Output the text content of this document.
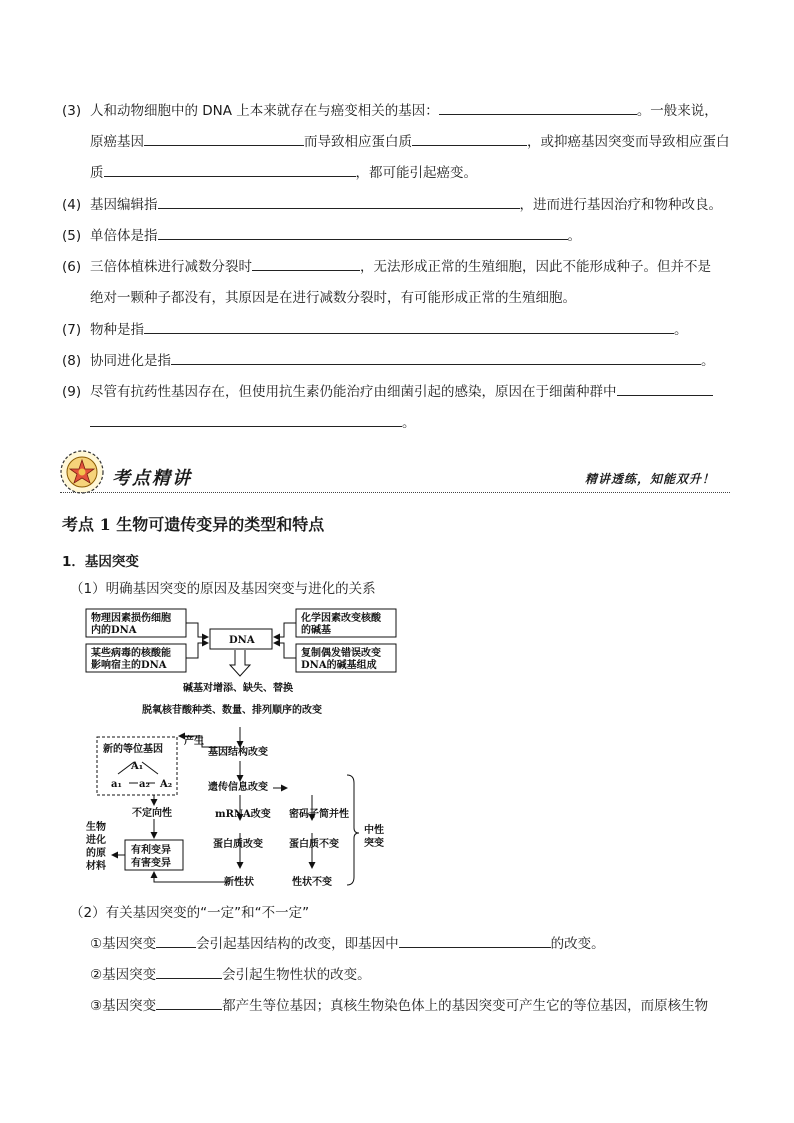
(3) 人和动物细胞中的 DNA 上本来就存在与癌变相关的基因：	。一般来说，
原癌基因	而导致相应蛋白质	，或抑癌基因突变而导致相应蛋白
质	，都可能引起癌变。
(4) 基因编辑指	，进而进行基因治疗和物种改良。
(5) 单倍体是指	。
(6) 三倍体植株进行减数分裂时	，无法形成正常的生殖细胞，因此不能形成种子。但并不是
绝对一颗种子都没有，其原因是在进行减数分裂时，有可能形成正常的生殖细胞。
(7) 物种是指	。
(8) 协同进化是指	。
(9) 尽管有抗药性基因存在，但使用抗生素仍能治疗由细菌引起的感染，原因在于细菌种群中
。
考点精讲	精讲透练，知能双升！
考点 1 生物可遗传变异的类型和特点
1．基因突变
（1）明确基因突变的原因及基因突变与进化的关系
物理因素损伤细胞
内的DNA
某些病毒的核酸能
影响宿主的DNA
化学因素改变核酸
的碱基
复制偶发错误改变
DNA的碱基组成
DNA
碱基对增添、缺失、替换
脱氧核苷酸种类、数量、排列顺序的改变
产生
新的等位基因
A₁
A₂
a₁ a₂
基因结构改变
遗传信息改变
不定向性	mRNA改变 密码子简并性
生物
进化
的原
材料
有利变异
有害变异
蛋白质改变	蛋白质不变
中性
突变
新性状	性状不变
（2）有关基因突变的“一定”和“不一定”
①基因突变	会引起基因结构的改变，即基因中	的改变。
②基因突变	会引起生物性状的改变。
③基因突变	都产生等位基因；真核生物染色体上的基因突变可产生它的等位基因，而原核生物
